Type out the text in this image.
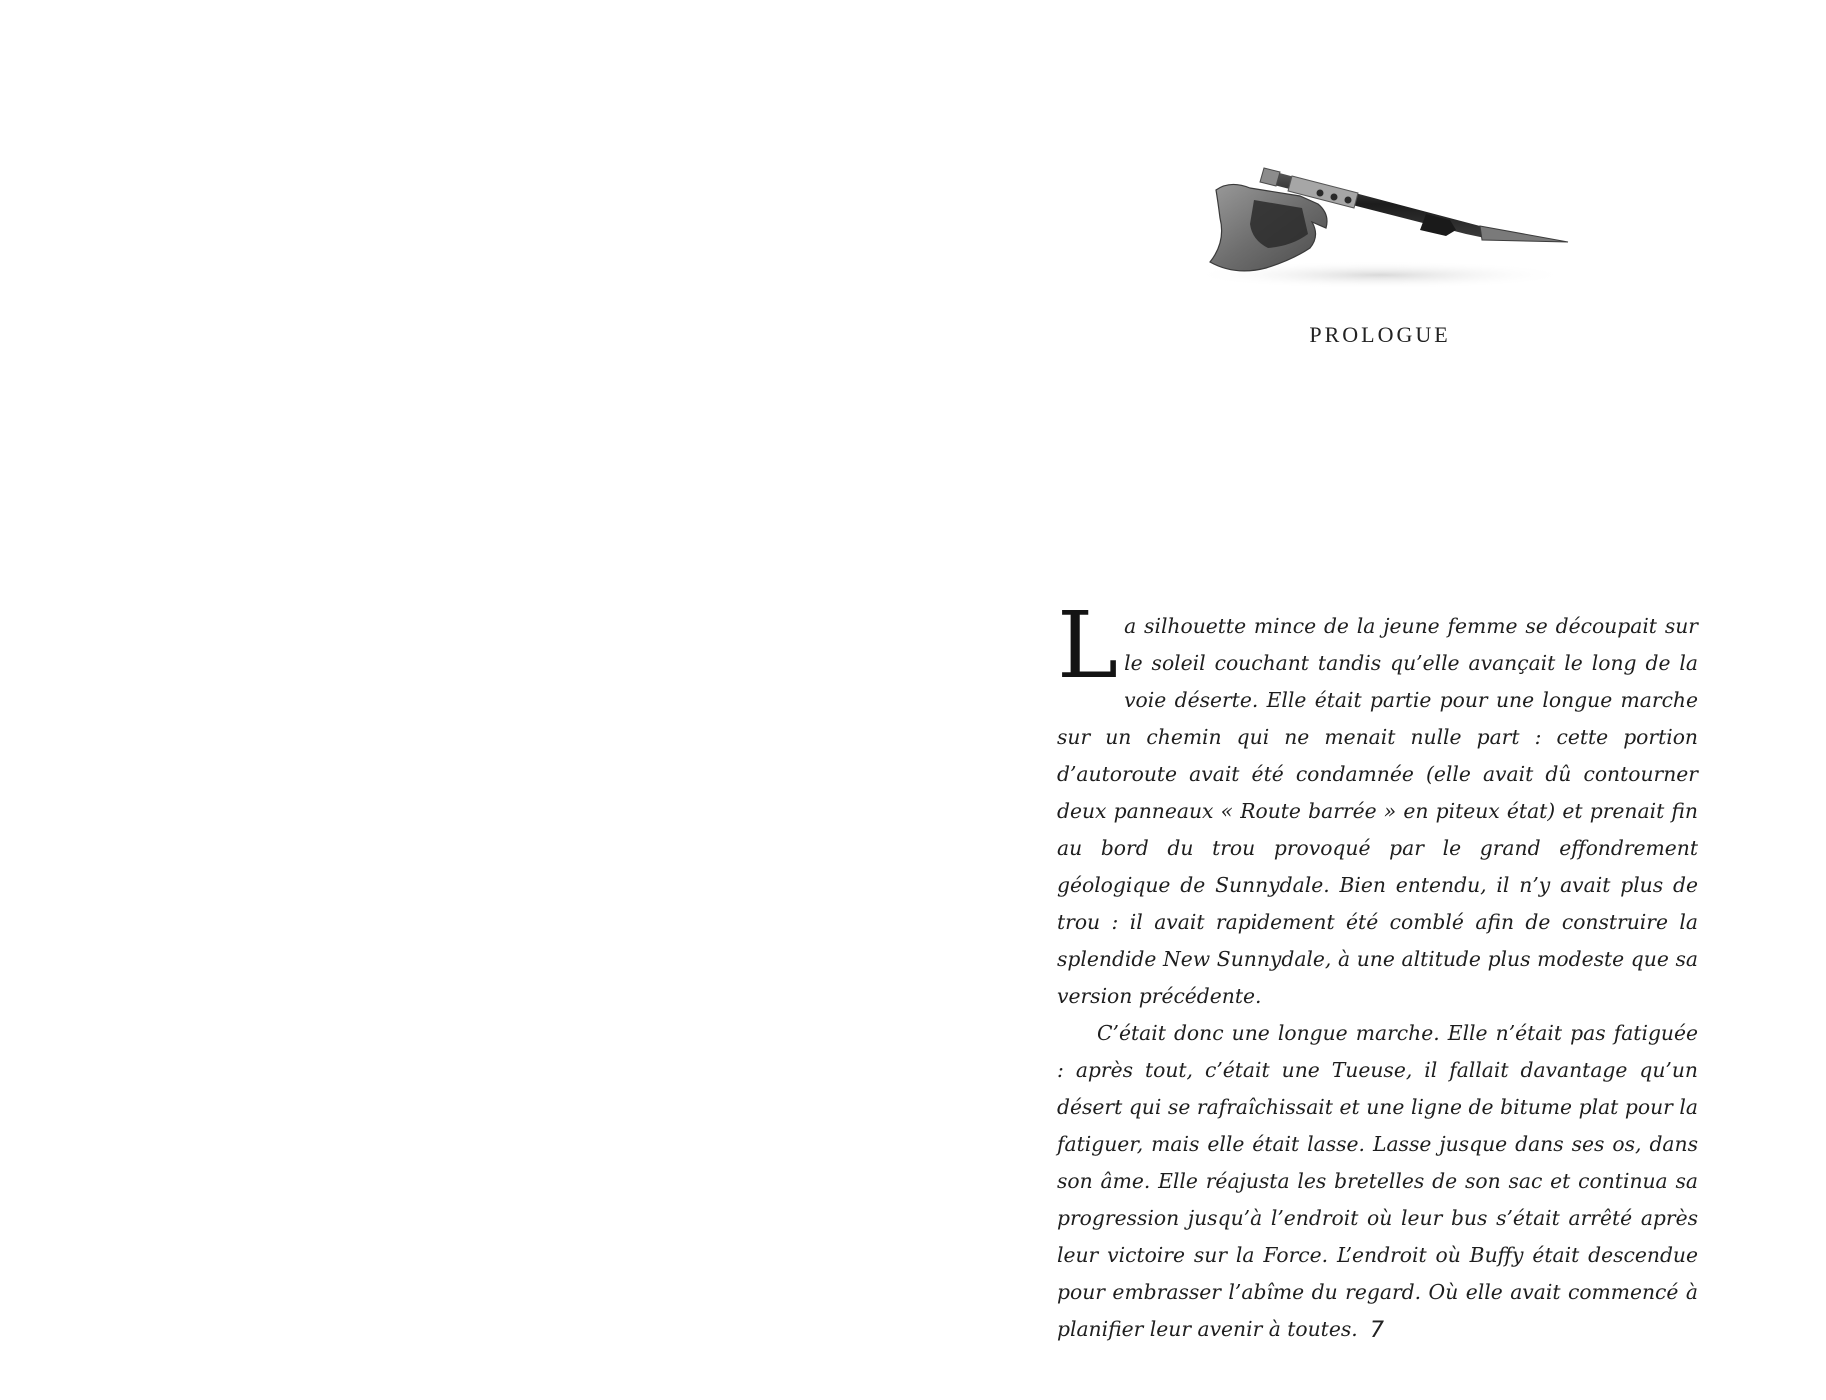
PROLOGUE

La silhouette mince de la jeune femme se découpait sur le soleil couchant tandis qu’elle avançait le long de la voie déserte. Elle était partie pour une longue marche sur un chemin qui ne menait nulle part : cette portion d’autoroute avait été condamnée (elle avait dû contourner deux panneaux « Route barrée » en piteux état) et prenait fin au bord du trou provoqué par le grand effondrement géologique de Sunnydale. Bien entendu, il n’y avait plus de trou : il avait rapidement été comblé afin de construire la splendide New Sunnydale, à une altitude plus modeste que sa version précédente.

C’était donc une longue marche. Elle n’était pas fatiguée : après tout, c’était une Tueuse, il fallait davantage qu’un désert qui se rafraîchissait et une ligne de bitume plat pour la fatiguer, mais elle était lasse. Lasse jusque dans ses os, dans son âme. Elle réajusta les bretelles de son sac et continua sa progression jusqu’à l’endroit où leur bus s’était arrêté après leur victoire sur la Force. L’endroit où Buffy était descendue pour embrasser l’abîme du regard. Où elle avait commencé à planifier leur avenir à toutes. 7
